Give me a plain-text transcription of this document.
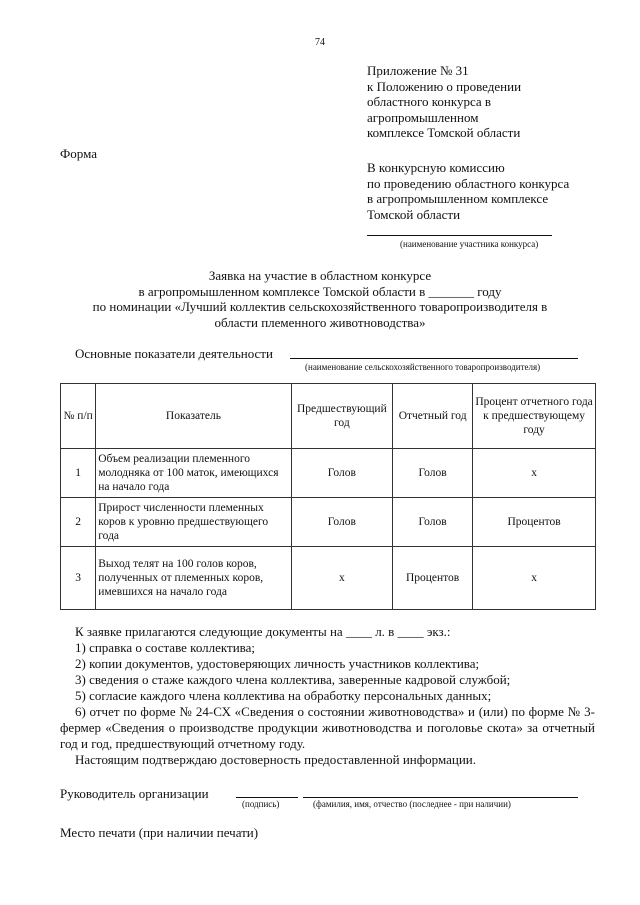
74
Приложение № 31
к Положению о проведении
областного конкурса в
агропромышленном
комплексе Томской области
Форма
В конкурсную комиссию
по проведению областного конкурса
в агропромышленном комплексе
Томской области
(наименование участника конкурса)
Заявка на участие в областном конкурсе
в агропромышленном комплексе Томской области в _______ году
по номинации «Лучший коллектив сельскохозяйственного товаропроизводителя в
области племенного животноводства»
Основные показатели деятельности
(наименование сельскохозяйственного товаропроизводителя)
№ п/п	Показатель	Предшествующий год	Отчетный год	Процент отчетного года к предшествующему году
1	Объем реализации племенного молодняка от 100 маток, имеющихся на начало года	Голов	Голов	х
2	Прирост численности племенных коров к уровню предшествующего года	Голов	Голов	Процентов
3	Выход телят на 100 голов коров, полученных от племенных коров, имевшихся на начало года	х	Процентов	х

К заявке прилагаются следующие документы на ____ л. в ____ экз.:

1) справка о составе коллектива;

2) копии документов, удостоверяющих личность участников коллектива;

3) сведения о стаже каждого члена коллектива, заверенные кадровой службой;

5) согласие каждого члена коллектива на обработку персональных данных;

6) отчет по форме № 24-СХ «Сведения о состоянии животноводства» и (или) по форме № 3-фермер «Сведения о производстве продукции животноводства и поголовье скота» за отчетный год и год, предшествующий отчетному году.

Настоящим подтверждаю достоверность предоставленной информации.

Руководитель организации
(подпись)	(фамилия, имя, отчество (последнее - при наличии)
Место печати (при наличии печати)
